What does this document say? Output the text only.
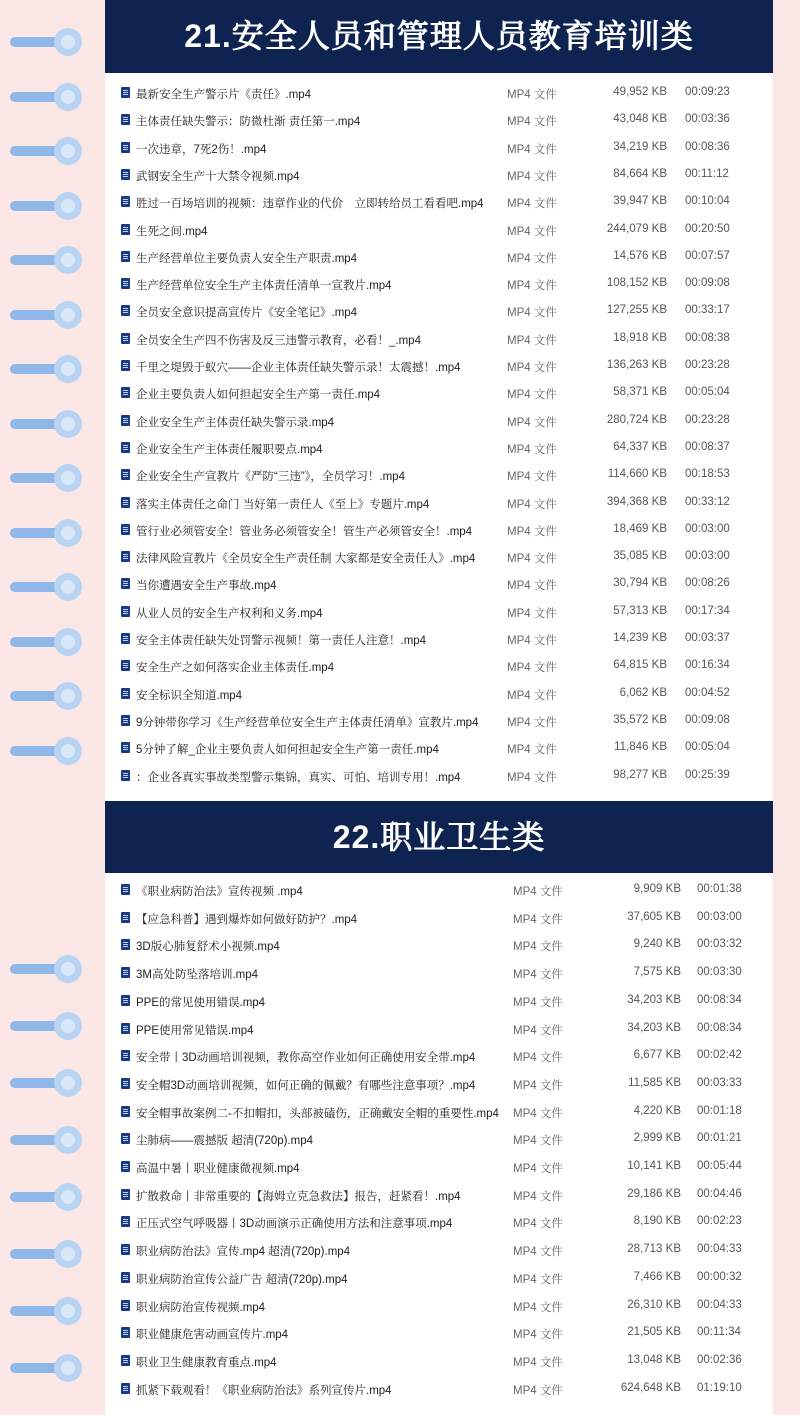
21.安全人员和管理人员教育培训类
最新安全生产警示片《责任》.mp4	MP4 文件	49,952 KB 00:09:23
主体责任缺失警示：防微杜渐 责任第一.mp4	MP4 文件	43,048 KB 00:03:36
一次违章，7死2伤！.mp4	MP4 文件	34,219 KB 00:08:36
武钢安全生产十大禁令视频.mp4	MP4 文件	84,664 KB 00:11:12
胜过一百场培训的视频：违章作业的代价　立即转给员工看看吧.mp4 MP4 文件	39,947 KB 00:10:04
生死之间.mp4	MP4 文件	244,079 KB 00:20:50
生产经营单位主要负责人安全生产职责.mp4	MP4 文件	14,576 KB 00:07:57
生产经营单位安全生产主体责任清单一宣教片.mp4	MP4 文件	108,152 KB 00:09:08
全员安全意识提高宣传片《安全笔记》.mp4	MP4 文件	127,255 KB 00:33:17
全员安全生产四不伤害及反三违警示教育，必看！_.mp4	MP4 文件	18,918 KB 00:08:38
千里之堤毁于蚁穴——企业主体责任缺失警示录！太震撼！.mp4	MP4 文件	136,263 KB 00:23:28
企业主要负责人如何担起安全生产第一责任.mp4	MP4 文件	58,371 KB 00:05:04
企业安全生产主体责任缺失警示录.mp4	MP4 文件	280,724 KB 00:23:28
企业安全生产主体责任履职要点.mp4	MP4 文件	64,337 KB 00:08:37
企业安全生产宣教片《严防“三违”》，全员学习！.mp4	MP4 文件	114,660 KB 00:18:53
落实主体责任之命门 当好第一责任人《至上》专题片.mp4	MP4 文件	394,368 KB 00:33:12
管行业必须管安全！管业务必须管安全！管生产必须管安全！.mp4	MP4 文件	18,469 KB 00:03:00
法律风险宣教片《全员安全生产责任制 大家都是安全责任人》.mp4	MP4 文件	35,085 KB 00:03:00
当你遭遇安全生产事故.mp4	MP4 文件	30,794 KB 00:08:26
从业人员的安全生产权利和义务.mp4	MP4 文件	57,313 KB 00:17:34
安全主体责任缺失处罚警示视频！第一责任人注意！.mp4	MP4 文件	14,239 KB 00:03:37
安全生产之如何落实企业主体责任.mp4	MP4 文件	64,815 KB 00:16:34
安全标识全知道.mp4	MP4 文件	6,062 KB 00:04:52
9分钟带你学习《生产经营单位安全生产主体责任清单》宣教片.mp4 MP4 文件	35,572 KB 00:09:08
5分钟了解_企业主要负责人如何担起安全生产第一责任.mp4	MP4 文件	11,846 KB 00:05:04
：企业各真实事故类型警示集锦，真实、可怕、培训专用！.mp4	MP4 文件	98,277 KB 00:25:39
22.职业卫生类
《职业病防治法》宣传视频 .mp4	MP4 文件	9,909 KB 00:01:38
【应急科普】遇到爆炸如何做好防护？.mp4	MP4 文件	37,605 KB 00:03:00
3D版心肺复舒术小视频.mp4	MP4 文件	9,240 KB 00:03:32
3M高处防坠落培训.mp4	MP4 文件	7,575 KB 00:03:30
PPE的常见使用错误.mp4	MP4 文件	34,203 KB 00:08:34
PPE使用常见错误.mp4	MP4 文件	34,203 KB 00:08:34
安全带丨3D动画培训视频，教你高空作业如何正确使用安全带.mp4	MP4 文件	6,677 KB 00:02:42
安全帽3D动画培训视频，如何正确的佩戴？有哪些注意事项？.mp4	MP4 文件	11,585 KB 00:03:33
安全帽事故案例二-不扣帽扣，头部被磕伤，正确戴安全帽的重要性.mp4 MP4 文件	4,220 KB 00:01:18
尘肺病——震撼版 超清(720p).mp4	MP4 文件	2,999 KB 00:01:21
高温中暑丨职业健康微视频.mp4	MP4 文件	10,141 KB 00:05:44
扩散救命丨非常重要的【海姆立克急救法】报告，赶紧看！.mp4	MP4 文件	29,186 KB 00:04:46
正压式空气呼吸器丨3D动画演示正确使用方法和注意事项.mp4	MP4 文件	8,190 KB 00:02:23
职业病防治法》宣传.mp4 超清(720p).mp4	MP4 文件	28,713 KB 00:04:33
职业病防治宣传公益广告 超清(720p).mp4	MP4 文件	7,466 KB 00:00:32
职业病防治宣传视频.mp4	MP4 文件	26,310 KB 00:04:33
职业健康危害动画宣传片.mp4	MP4 文件	21,505 KB 00:11:34
职业卫生健康教育重点.mp4	MP4 文件	13,048 KB 00:02:36
抓紧下载观看！《职业病防治法》系列宣传片.mp4	MP4 文件	624,648 KB 01:19:10
